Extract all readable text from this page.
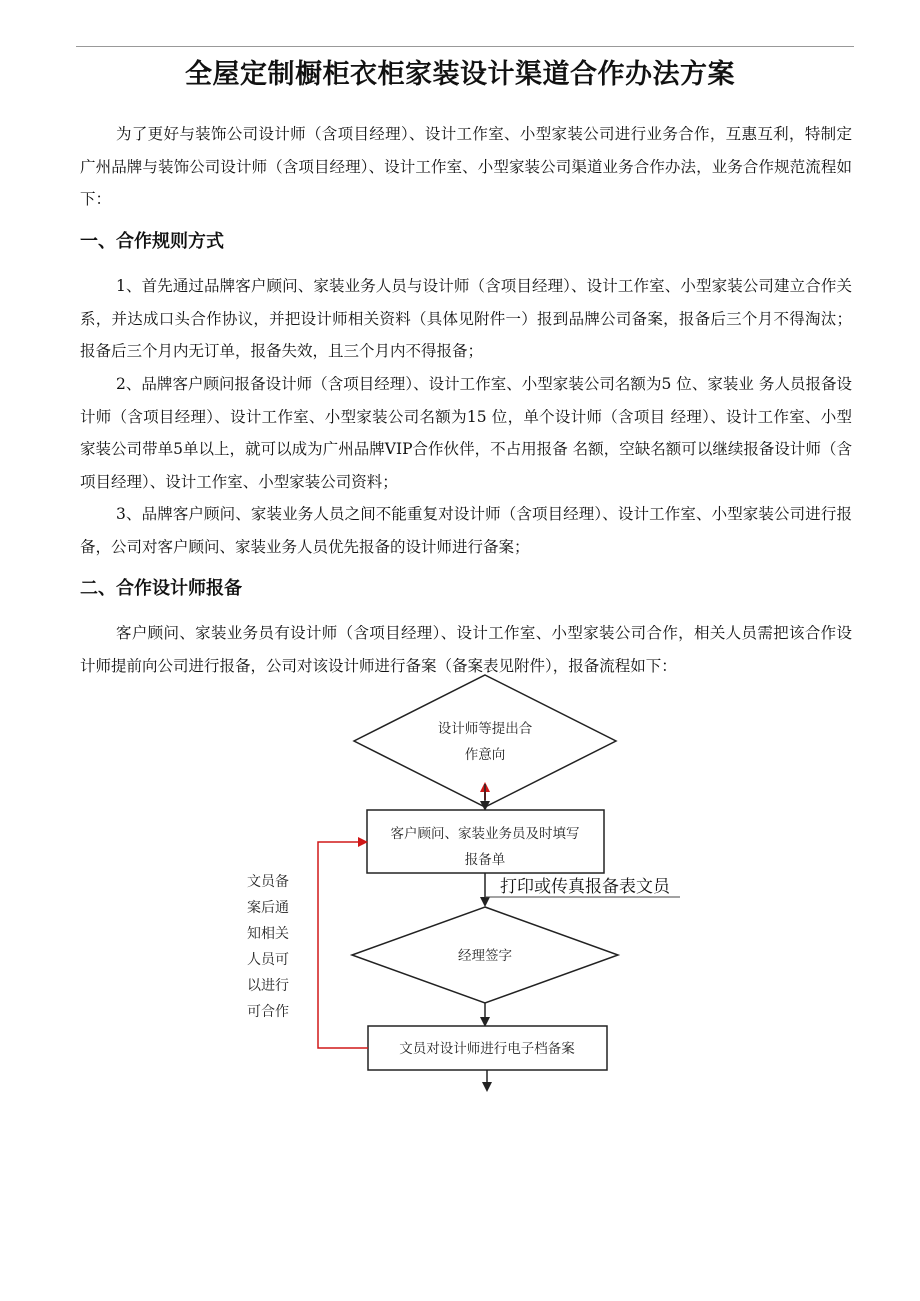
全屋定制橱柜衣柜家装设计渠道合作办法方案
为了更好与装饰公司设计师（含项目经理）、设计工作室、小型家装公司进行业务合作，互惠互利，特制定广州品牌与装饰公司设计师（含项目经理）、设计工作室、小型家装公司渠道业务合作办法，业务合作规范流程如下：
一、合作规则方式
1、首先通过品牌客户顾问、家装业务人员与设计师（含项目经理）、设计工作室、小型家装公司建立合作关系，并达成口头合作协议，并把设计师相关资料（具体见附件一）报到品牌公司备案，报备后三个月不得淘汰；报备后三个月内无订单，报备失效，且三个月内不得报备；
2、品牌客户顾问报备设计师（含项目经理）、设计工作室、小型家装公司名额为5 位、家装业 务人员报备设计师（含项目经理）、设计工作室、小型家装公司名额为15 位，单个设计师（含项目 经理）、设计工作室、小型家装公司带单5单以上，就可以成为广州品牌VIP合作伙伴，不占用报备 名额，空缺名额可以继续报备设计师（含项目经理）、设计工作室、小型家装公司资料；
3、品牌客户顾问、家装业务人员之间不能重复对设计师（含项目经理）、设计工作室、小型家装公司进行报备，公司对客户顾问、家装业务人员优先报备的设计师进行备案；
二、合作设计师报备
客户顾问、家装业务员有设计师（含项目经理）、设计工作室、小型家装公司合作，相关人员需把该合作设计师提前向公司进行报备，公司对该设计师进行备案（备案表见附件），报备流程如下：
设计师等提出合
作意向
客户顾问、家装业务员及时填写
报备单
打印或传真报备表文员
经理签字
文员对设计师进行电子档备案
文员备
案后通
知相关
人员可
以进行
可合作
